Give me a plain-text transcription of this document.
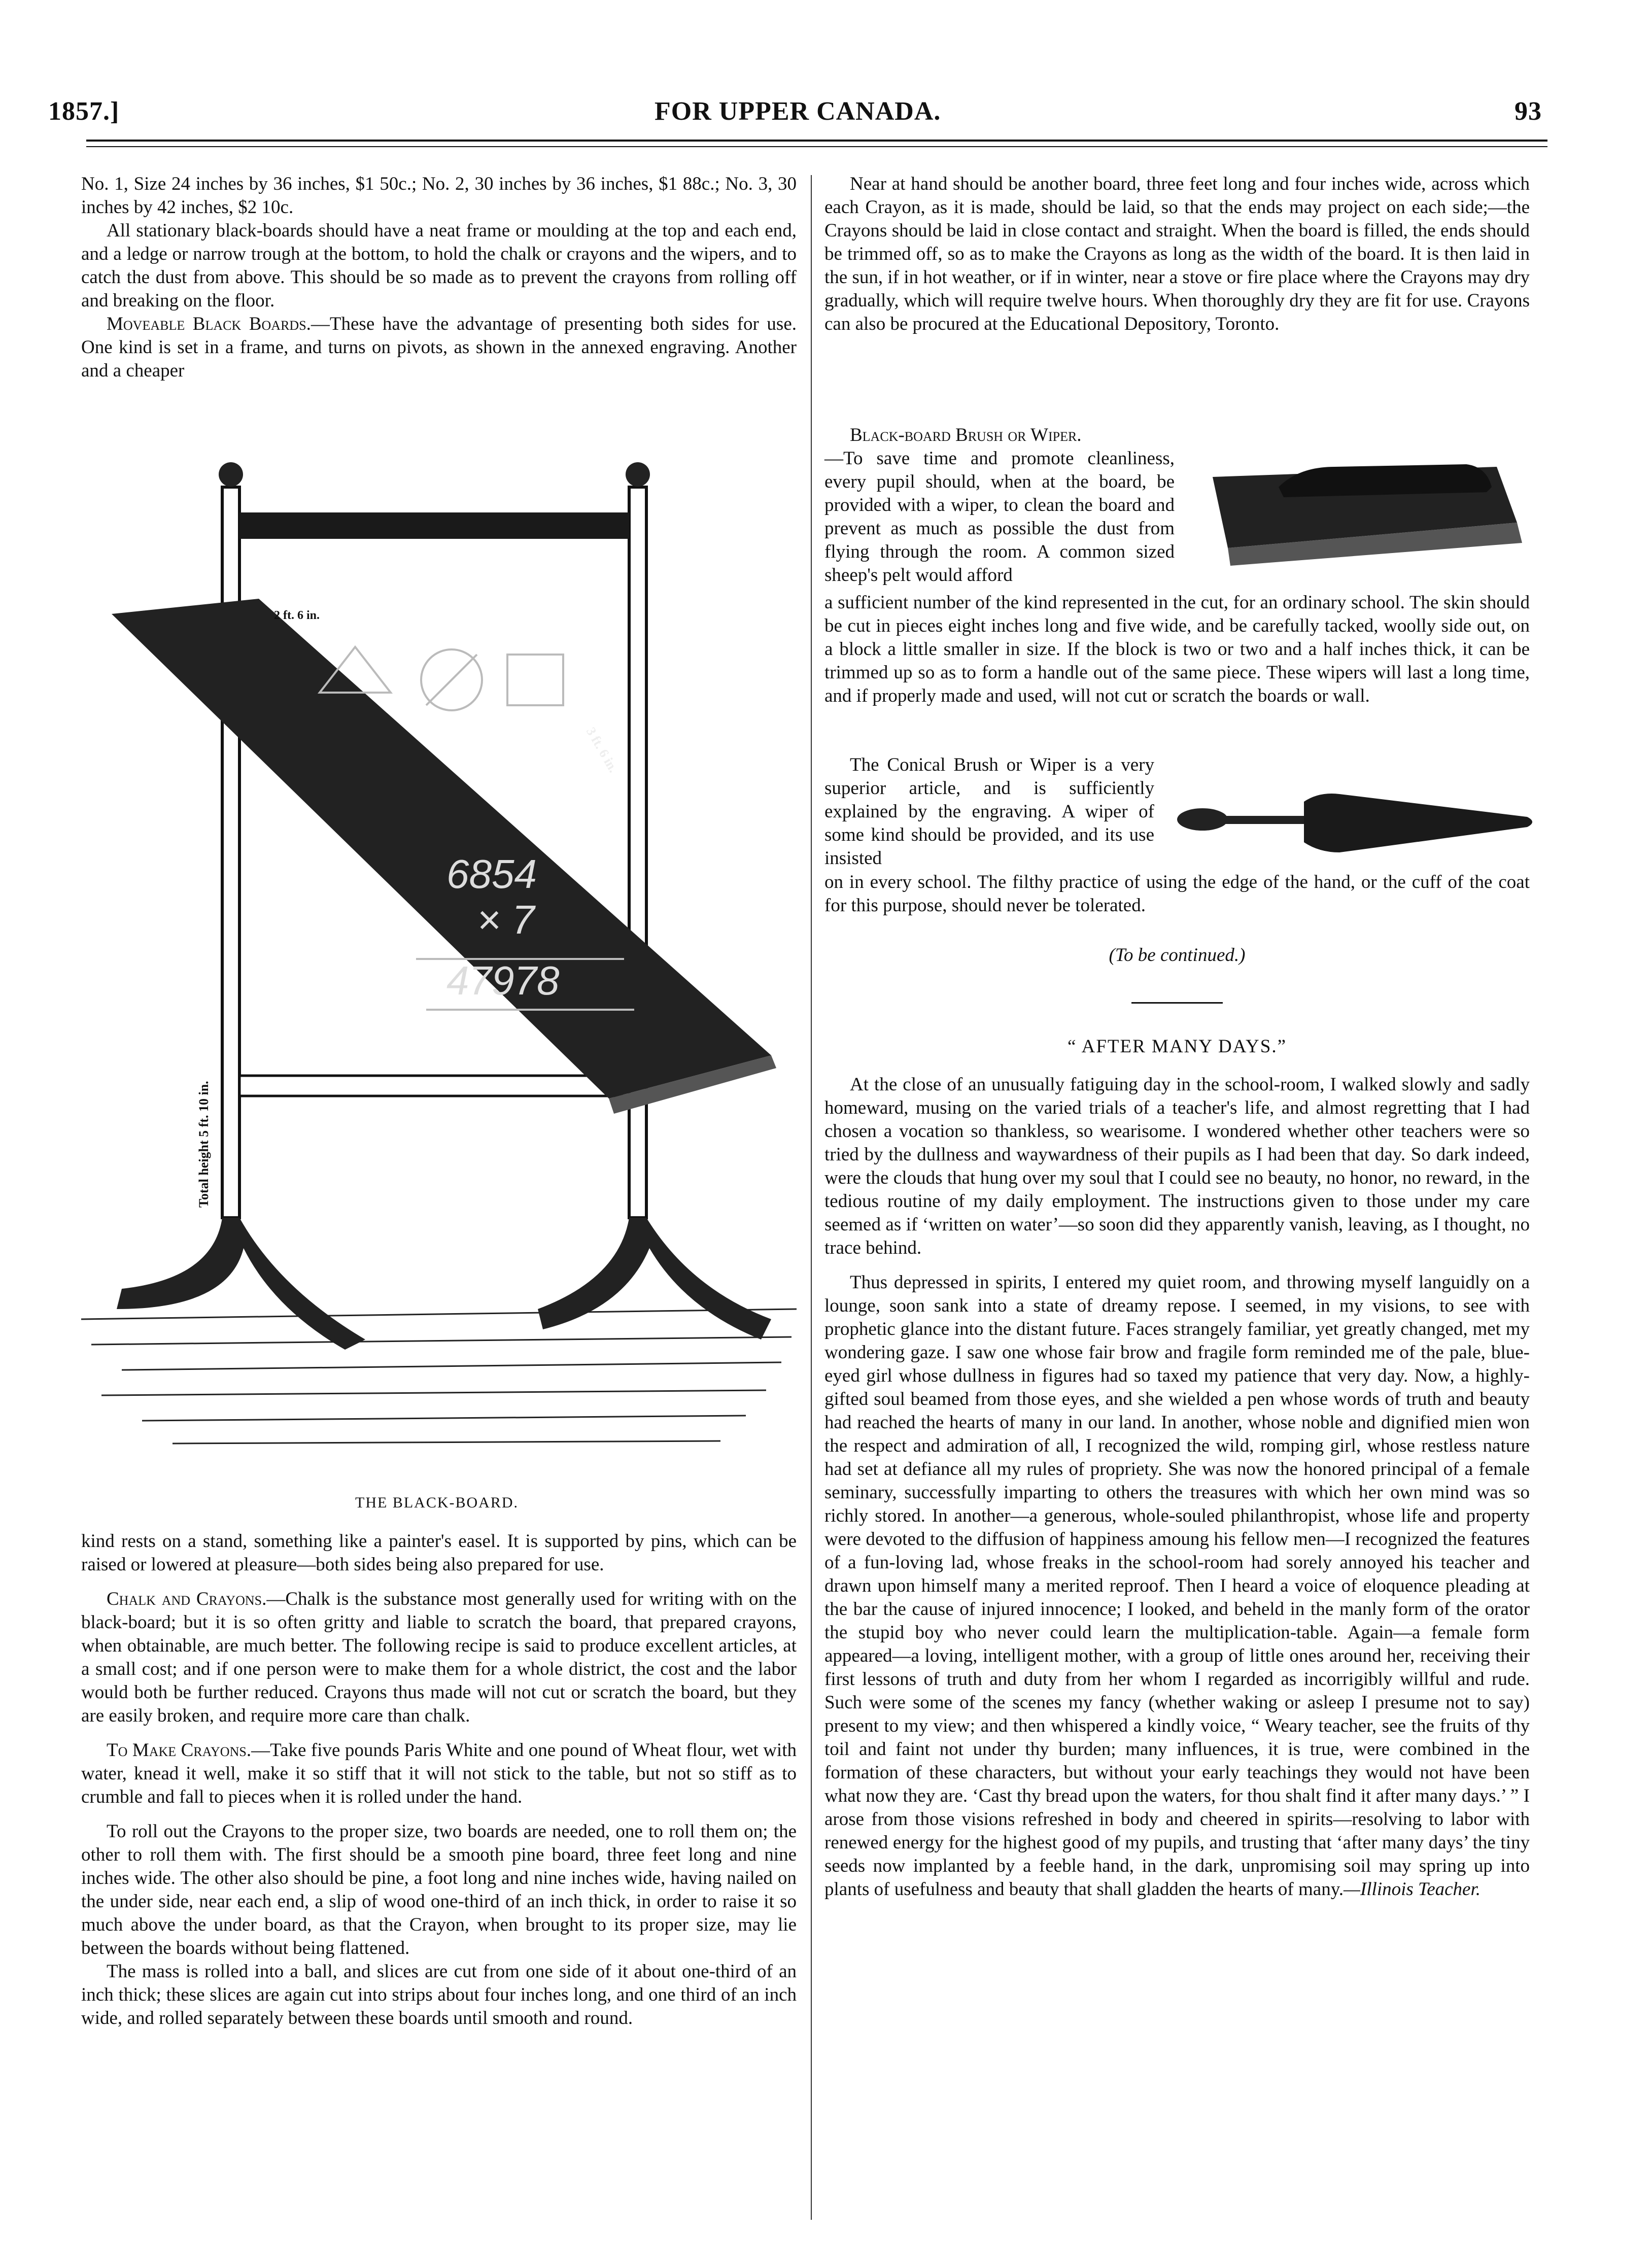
1857.]	FOR UPPER CANADA.	93

No. 1, Size 24 inches by 36 inches, $1 50c.; No. 2, 30 inches by 36 inches, $1 88c.; No. 3, 30 inches by 42 inches, $2 10c.

All stationary black-boards should have a neat frame or moulding at the top and each end, and a ledge or narrow trough at the bottom, to hold the chalk or crayons and the wipers, and to catch the dust from above. This should be so made as to prevent the crayons from rolling off and breaking on the floor.

Moveable Black Boards.—These have the advantage of presenting both sides for use. One kind is set in a frame, and turns on pivots, as shown in the annexed engraving. Another and a cheaper

6854
× 7
47978
2 ft. 6 in.
3 ft. 6 in.
Total height 5 ft. 10 in.
THE BLACK-BOARD.

kind rests on a stand, something like a painter's easel. It is supported by pins, which can be raised or lowered at pleasure—both sides being also prepared for use.

Chalk and Crayons.—Chalk is the substance most generally used for writing with on the black-board; but it is so often gritty and liable to scratch the board, that prepared crayons, when obtainable, are much better. The following recipe is said to produce excellent articles, at a small cost; and if one person were to make them for a whole district, the cost and the labor would both be further reduced. Crayons thus made will not cut or scratch the board, but they are easily broken, and require more care than chalk.

To Make Crayons.—Take five pounds Paris White and one pound of Wheat flour, wet with water, knead it well, make it so stiff that it will not stick to the table, but not so stiff as to crumble and fall to pieces when it is rolled under the hand.

To roll out the Crayons to the proper size, two boards are needed, one to roll them on; the other to roll them with. The first should be a smooth pine board, three feet long and nine inches wide. The other also should be pine, a foot long and nine inches wide, having nailed on the under side, near each end, a slip of wood one-third of an inch thick, in order to raise it so much above the under board, as that the Crayon, when brought to its proper size, may lie between the boards without being flattened.

The mass is rolled into a ball, and slices are cut from one side of it about one-third of an inch thick; these slices are again cut into strips about four inches long, and one third of an inch wide, and rolled separately between these boards until smooth and round.

Near at hand should be another board, three feet long and four inches wide, across which each Crayon, as it is made, should be laid, so that the ends may project on each side;—the Crayons should be laid in close contact and straight. When the board is filled, the ends should be trimmed off, so as to make the Crayons as long as the width of the board. It is then laid in the sun, if in hot weather, or if in winter, near a stove or fire place where the Crayons may dry gradually, which will require twelve hours. When thoroughly dry they are fit for use. Crayons can also be procured at the Educational Depository, Toronto.

Black-board Brush or Wiper.

—To save time and promote cleanliness, every pupil should, when at the board, be provided with a wiper, to clean the board and prevent as much as possible the dust from flying through the room. A common sized sheep's pelt would afford

a sufficient number of the kind represented in the cut, for an ordinary school. The skin should be cut in pieces eight inches long and five wide, and be carefully tacked, woolly side out, on a block a little smaller in size. If the block is two or two and a half inches thick, it can be trimmed up so as to form a handle out of the same piece. These wipers will last a long time, and if properly made and used, will not cut or scratch the boards or wall.

The Conical Brush or Wiper is a very superior article, and is sufficiently explained by the engraving. A wiper of some kind should be provided, and its use insisted

on in every school. The filthy practice of using the edge of the hand, or the cuff of the coat for this purpose, should never be tolerated.

(To be continued.)
“ AFTER MANY DAYS.”

At the close of an unusually fatiguing day in the school-room, I walked slowly and sadly homeward, musing on the varied trials of a teacher's life, and almost regretting that I had chosen a vocation so thankless, so wearisome. I wondered whether other teachers were so tried by the dullness and waywardness of their pupils as I had been that day. So dark indeed, were the clouds that hung over my soul that I could see no beauty, no honor, no reward, in the tedious routine of my daily employment. The instructions given to those under my care seemed as if ‘written on water’—so soon did they apparently vanish, leaving, as I thought, no trace behind.

Thus depressed in spirits, I entered my quiet room, and throwing myself languidly on a lounge, soon sank into a state of dreamy repose. I seemed, in my visions, to see with prophetic glance into the distant future. Faces strangely familiar, yet greatly changed, met my wondering gaze. I saw one whose fair brow and fragile form reminded me of the pale, blue-eyed girl whose dullness in figures had so taxed my patience that very day. Now, a highly-gifted soul beamed from those eyes, and she wielded a pen whose words of truth and beauty had reached the hearts of many in our land. In another, whose noble and dignified mien won the respect and admiration of all, I recognized the wild, romping girl, whose restless nature had set at defiance all my rules of propriety. She was now the honored principal of a female seminary, successfully imparting to others the treasures with which her own mind was so richly stored. In another—a generous, whole-souled philanthropist, whose life and property were devoted to the diffusion of happiness amoung his fellow men—I recognized the features of a fun-loving lad, whose freaks in the school-room had sorely annoyed his teacher and drawn upon himself many a merited reproof. Then I heard a voice of eloquence pleading at the bar the cause of injured innocence; I looked, and beheld in the manly form of the orator the stupid boy who never could learn the multiplication-table. Again—a female form appeared—a loving, intelligent mother, with a group of little ones around her, receiving their first lessons of truth and duty from her whom I regarded as incorrigibly willful and rude. Such were some of the scenes my fancy (whether waking or asleep I presume not to say) present to my view; and then whispered a kindly voice, “ Weary teacher, see the fruits of thy toil and faint not under thy burden; many influences, it is true, were combined in the formation of these characters, but without your early teachings they would not have been what now they are. ‘Cast thy bread upon the waters, for thou shalt find it after many days.’ ” I arose from those visions refreshed in body and cheered in spirits—resolving to labor with renewed energy for the highest good of my pupils, and trusting that ‘after many days’ the tiny seeds now implanted by a feeble hand, in the dark, unpromising soil may spring up into plants of usefulness and beauty that shall gladden the hearts of many.—Illinois Teacher.
